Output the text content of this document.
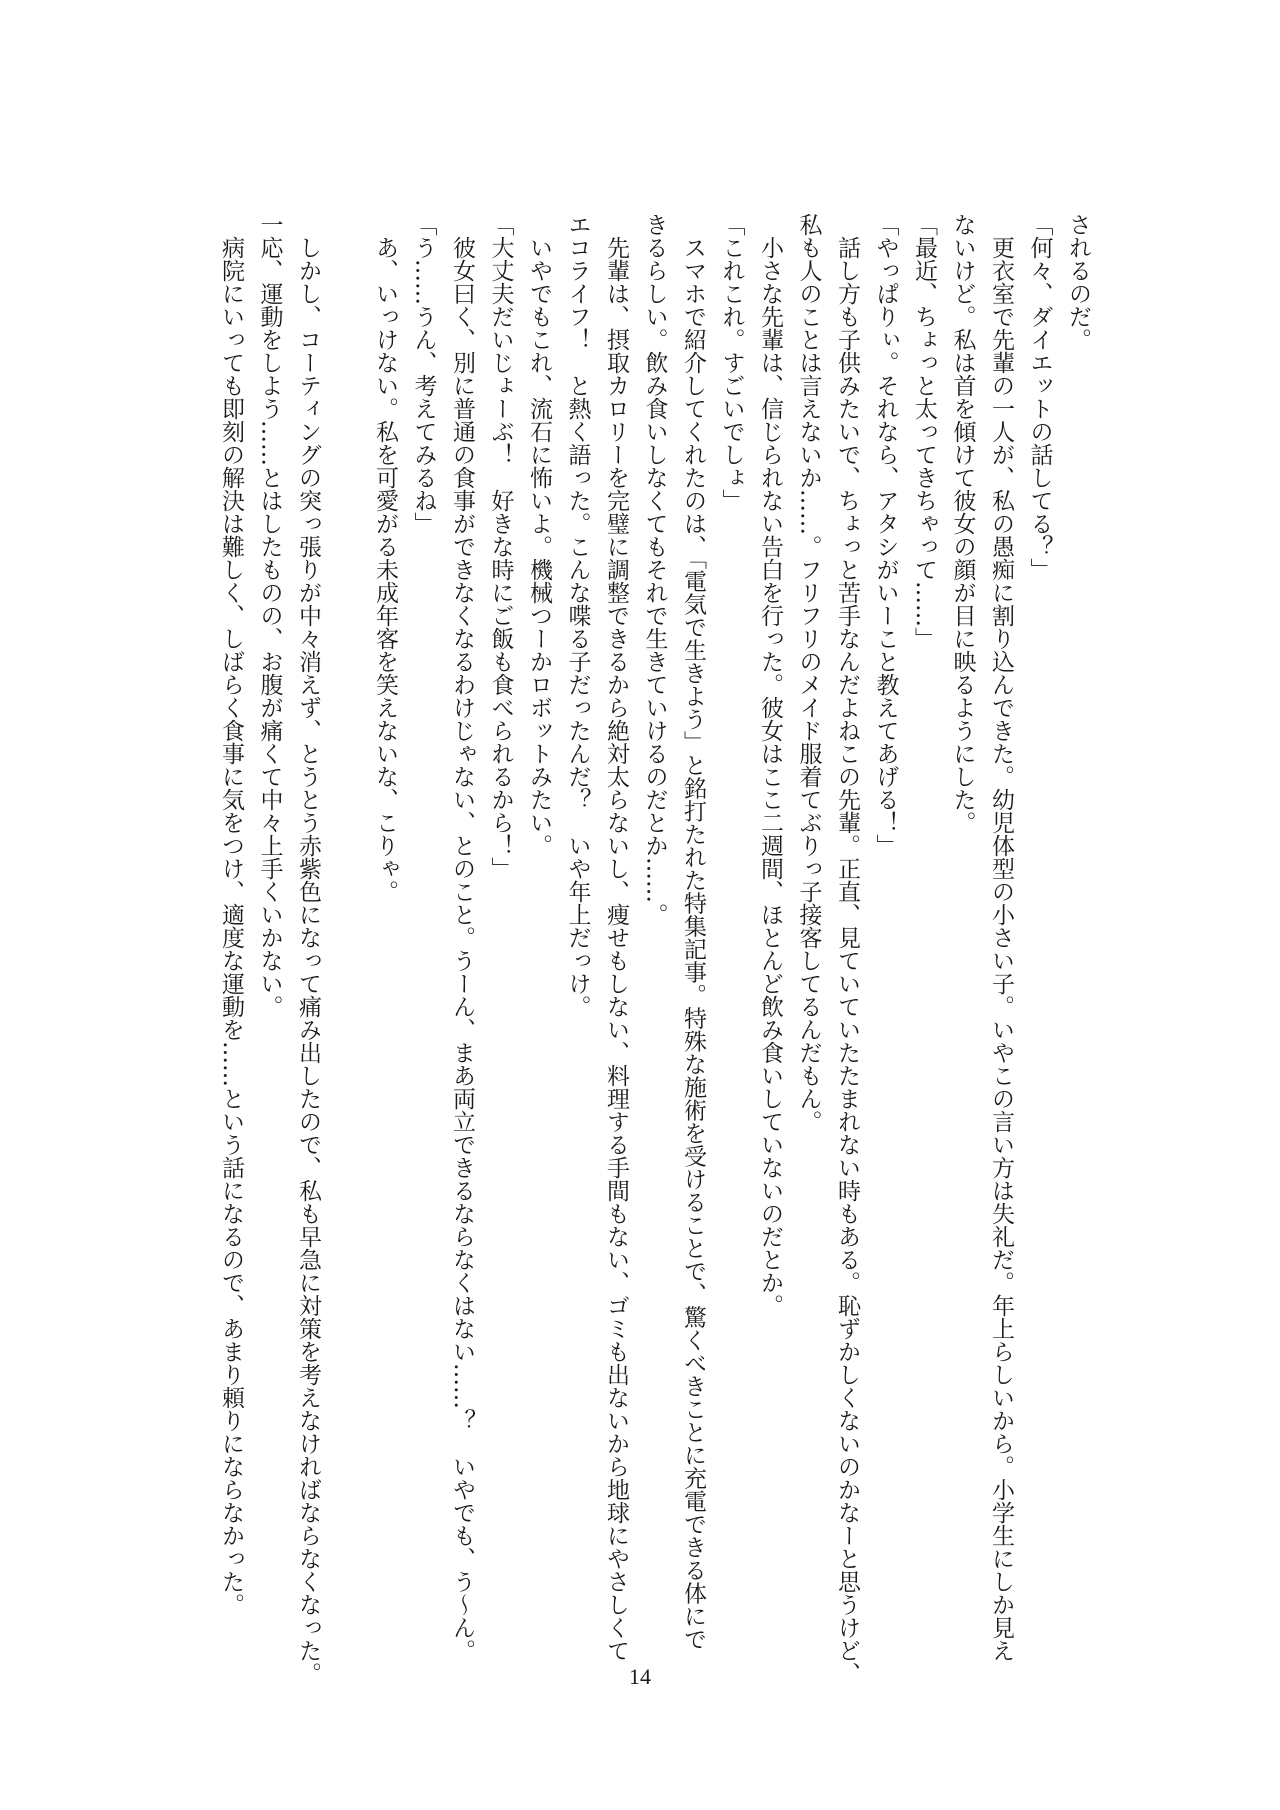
されるのだ。
「何々、ダイエットの話してる？」
　更衣室で先輩の一人が、私の愚痴に割り込んできた。幼児体型の小さい子。いやこの言い方は失礼だ。年上らしいから。小学生にしか見え
ないけど。私は首を傾けて彼女の顔が目に映るようにした。
「最近、ちょっと太ってきちゃって……」
「やっぱりぃ。それなら、アタシがいーこと教えてあげる！」
　話し方も子供みたいで、ちょっと苦手なんだよねこの先輩。正直、見ていていたたまれない時もある。恥ずかしくないのかなーと思うけど、
私も人のことは言えないか……。フリフリのメイド服着てぶりっ子接客してるんだもん。
　小さな先輩は、信じられない告白を行った。彼女はここ二週間、ほとんど飲み食いしていないのだとか。
「これこれ。すごいでしょ」
　スマホで紹介してくれたのは、「電気で生きよう」と銘打たれた特集記事。特殊な施術を受けることで、驚くべきことに充電できる体にで
きるらしい。飲み食いしなくてもそれで生きていけるのだとか……。
　先輩は、摂取カロリーを完璧に調整できるから絶対太らないし、痩せもしない、料理する手間もない、ゴミも出ないから地球にやさしくて
エコライフ！　と熱く語った。こんな喋る子だったんだ？　いや年上だっけ。
　いやでもこれ、流石に怖いよ。機械つーかロボットみたい。
「大丈夫だいじょーぶ！　好きな時にご飯も食べられるから！」
　彼女曰く、別に普通の食事ができなくなるわけじゃない、とのこと。うーん、まあ両立できるならなくはない……？　いやでも、う～ん。
「う……うん、考えてみるね」
　あ、いっけない。私を可愛がる未成年客を笑えないな、こりゃ。
　しかし、コーティングの突っ張りが中々消えず、とうとう赤紫色になって痛み出したので、私も早急に対策を考えなければならなくなった。
一応、運動をしよう……とはしたものの、お腹が痛くて中々上手くいかない。
　病院にいっても即刻の解決は難しく、しばらく食事に気をつけ、適度な運動を……という話になるので、あまり頼りにならなかった。
14
